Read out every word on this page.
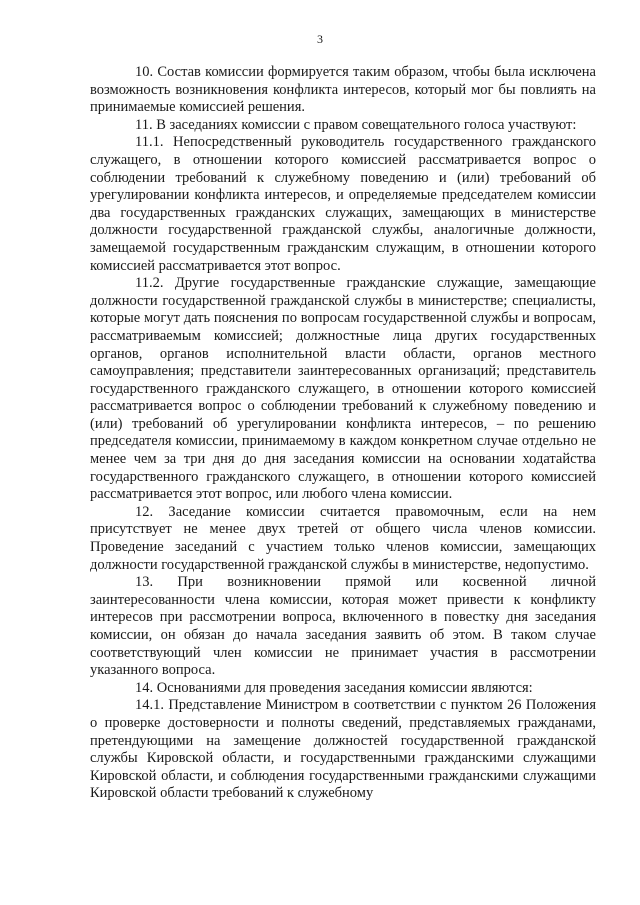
3

10. Состав комиссии формируется таким образом, чтобы была исключена возможность возникновения конфликта интересов, который мог бы повлиять на принимаемые комиссией решения.

11. В заседаниях комиссии с правом совещательного голоса участвуют:

11.1. Непосредственный руководитель государственного гражданского служащего, в отношении которого комиссией рассматривается вопрос о соблюдении требований к служебному поведению и (или) требований об урегулировании конфликта интересов, и определяемые председателем комиссии два государственных гражданских служащих, замещающих в министерстве должности государственной гражданской службы, аналогичные должности, замещаемой государственным гражданским служащим, в отношении которого комиссией рассматривается этот вопрос.

11.2. Другие государственные гражданские служащие, замещающие должности государственной гражданской службы в министерстве; специалисты, которые могут дать пояснения по вопросам государственной службы и вопросам, рассматриваемым комиссией; должностные лица других государственных органов, органов исполнительной власти области, органов местного самоуправления; представители заинтересованных организаций; представитель государственного гражданского служащего, в отношении которого комиссией рассматривается вопрос о соблюдении требований к служебному поведению и (или) требований об урегулировании конфликта интересов, – по решению председателя комиссии, принимаемому в каждом конкретном случае отдельно не менее чем за три дня до дня заседания комиссии на основании ходатайства государственного гражданского служащего, в отношении которого комиссией рассматривается этот вопрос, или любого члена комиссии.

12. Заседание комиссии считается правомочным, если на нем присутствует не менее двух третей от общего числа членов комиссии. Проведение заседаний с участием только членов комиссии, замещающих должности государственной гражданской службы в министерстве, недопустимо.

13. При возникновении прямой или косвенной личной заинтересованности члена комиссии, которая может привести к конфликту интересов при рассмотрении вопроса, включенного в повестку дня заседания комиссии, он обязан до начала заседания заявить об этом. В таком случае соответствующий член комиссии не принимает участия в рассмотрении указанного вопроса.

14. Основаниями для проведения заседания комиссии являются:

14.1. Представление Министром в соответствии с пунктом 26 Положения о проверке достоверности и полноты сведений, представляемых гражданами, претендующими на замещение должностей государственной гражданской службы Кировской области, и государственными гражданскими служащими Кировской области, и соблюдения государственными гражданскими служащими Кировской области требований к служебному
